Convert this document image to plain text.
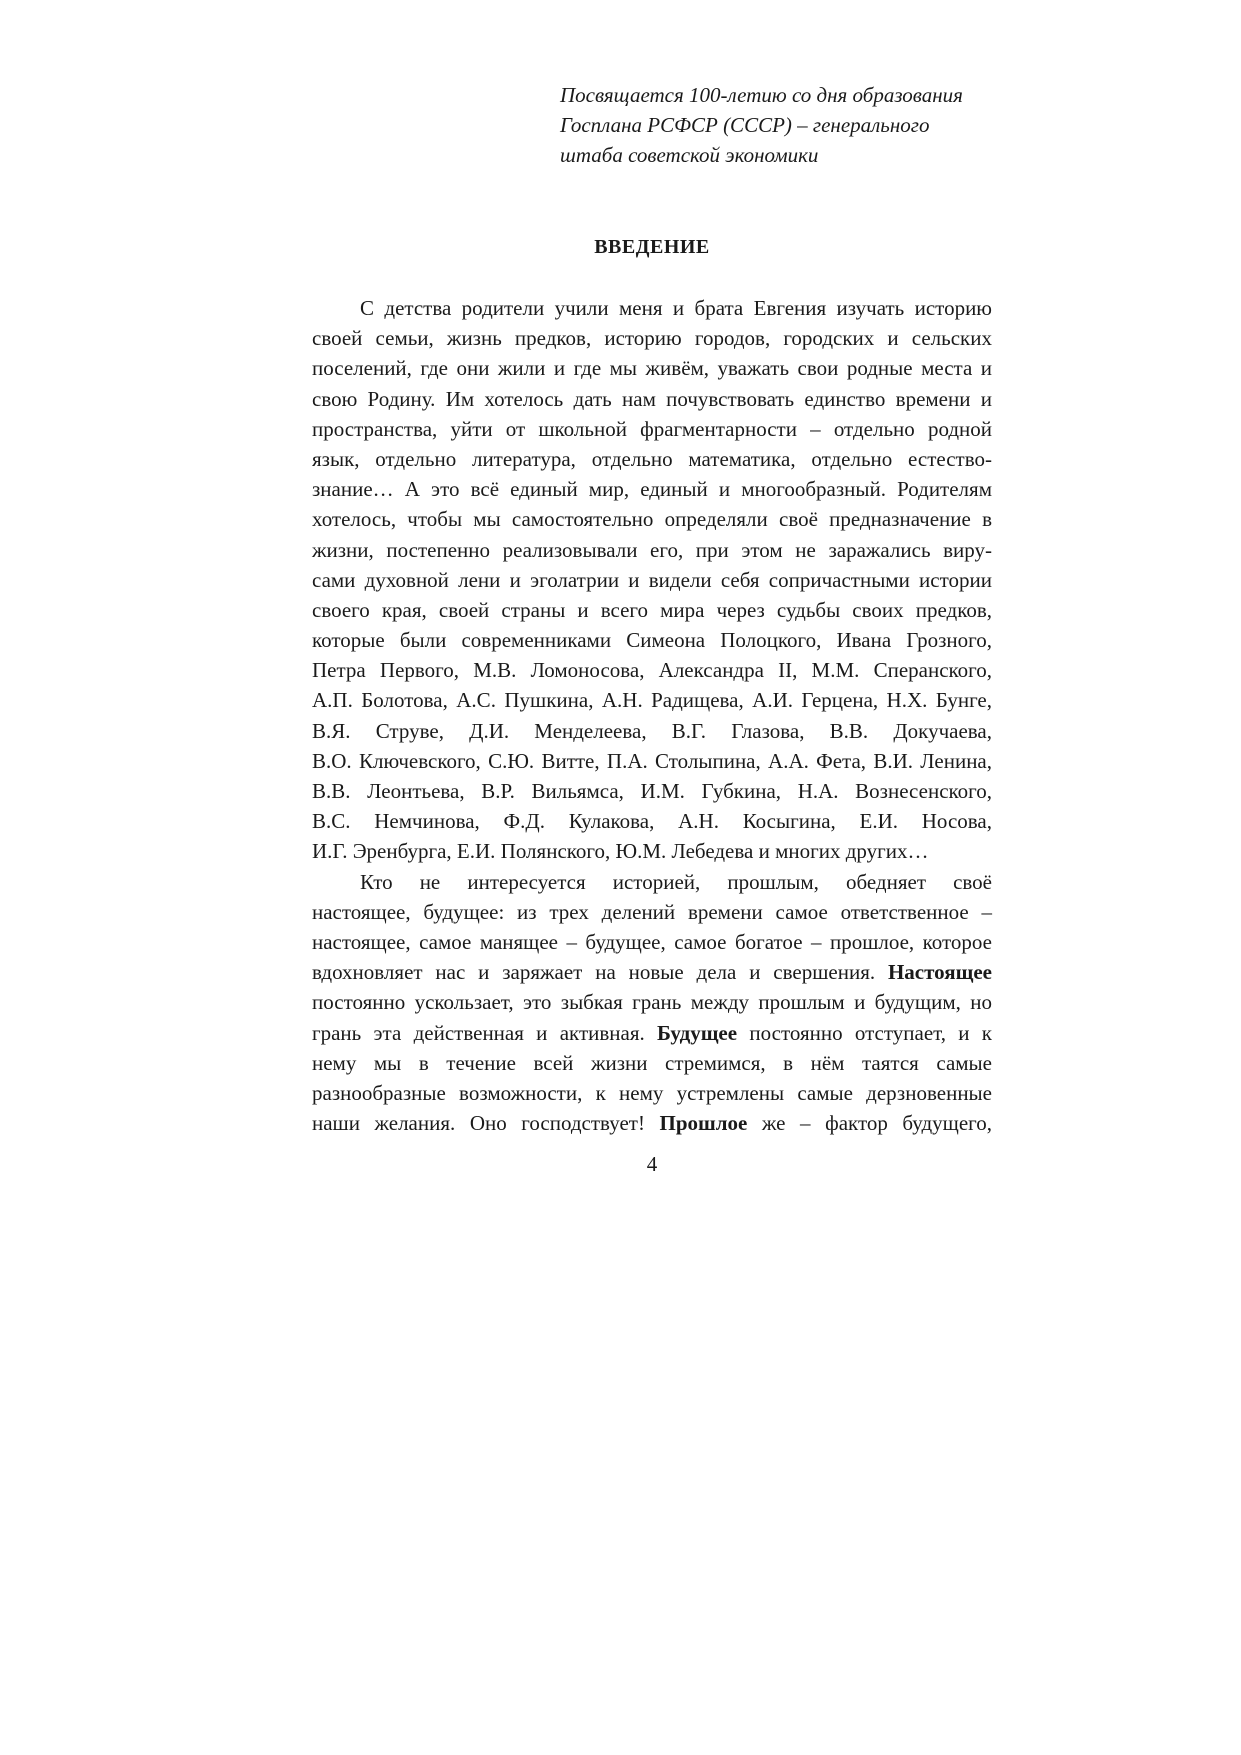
Посвящается 100-летию со дня образования
Госплана РСФСР (СССР) – генерального
штаба советской экономики
ВВЕДЕНИЕ
С детства родители учили меня и брата Евгения изучать историю
своей семьи, жизнь предков, историю городов, городских и сельских
поселений, где они жили и где мы живём, уважать свои родные места и
свою Родину. Им хотелось дать нам почувствовать единство времени и
пространства, уйти от школьной фрагментарности – отдельно родной
язык, отдельно литература, отдельно математика, отдельно естество-
знание… А это всё единый мир, единый и многообразный. Родителям
хотелось, чтобы мы самостоятельно определяли своё предназначение в
жизни, постепенно реализовывали его, при этом не заражались виру-
сами духовной лени и эголатрии и видели себя сопричастными истории
своего края, своей страны и всего мира через судьбы своих предков,
которые были современниками Симеона Полоцкого, Ивана Грозного,
Петра Первого, М.В. Ломоносова, Александра II, М.М. Сперанского,
А.П. Болотова, А.С. Пушкина, А.Н. Радищева, А.И. Герцена, Н.Х. Бунге,
В.Я. Струве, Д.И. Менделеева, В.Г. Глазова, В.В. Докучаева,
В.О. Ключевского, С.Ю. Витте, П.А. Столыпина, А.А. Фета, В.И. Ленина,
В.В. Леонтьева, В.Р. Вильямса, И.М. Губкина, Н.А. Вознесенского,
В.С. Немчинова, Ф.Д. Кулакова, А.Н. Косыгина, Е.И. Носова,
И.Г. Эренбурга, Е.И. Полянского, Ю.М. Лебедева и многих других…
Кто не интересуется историей, прошлым, обедняет своё
настоящее, будущее: из трех делений времени самое ответственное –
настоящее, самое манящее – будущее, самое богатое – прошлое, которое
вдохновляет нас и заряжает на новые дела и свершения. Настоящее
постоянно ускользает, это зыбкая грань между прошлым и будущим, но
грань эта действенная и активная. Будущее постоянно отступает, и к
нему мы в течение всей жизни стремимся, в нём таятся самые
разнообразные возможности, к нему устремлены самые дерзновенные
наши желания. Оно господствует! Прошлое же – фактор будущего,
4
